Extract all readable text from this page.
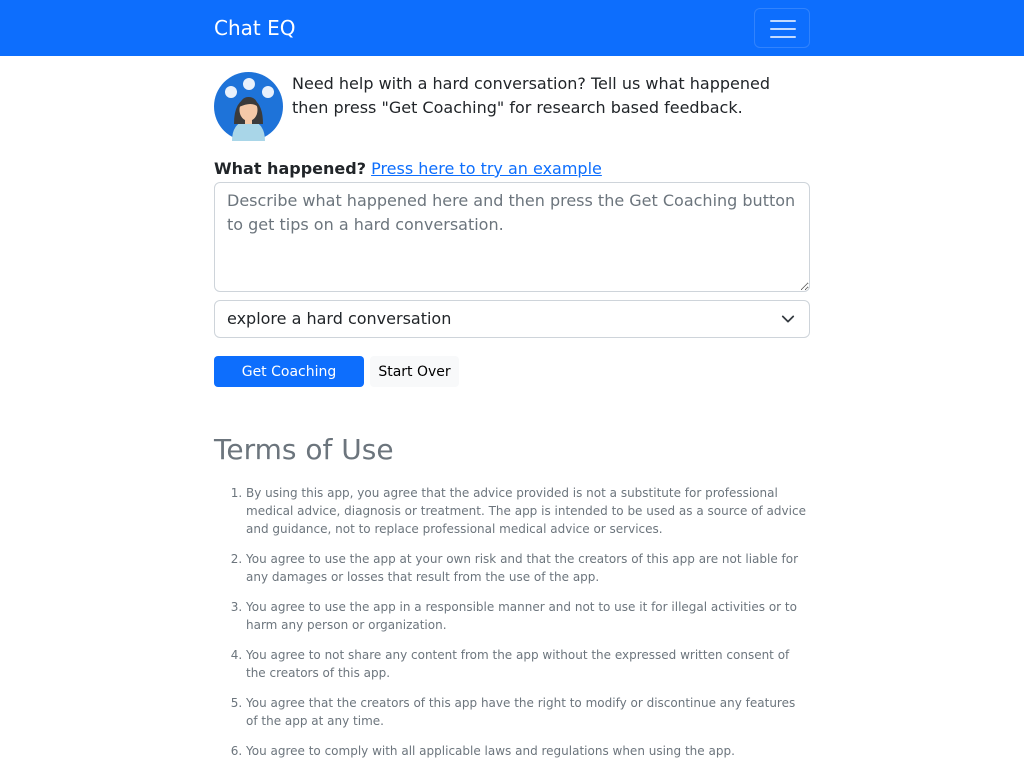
Chat EQ
Need help with a hard conversation? Tell us what happened then press "Get Coaching" for research based feedback.
What happened? Press here to try an example
Describe what happened here and then press the Get Coaching button to get tips on a hard conversation.
explore a hard conversation
Get Coaching	Start Over
Terms of Use
1. By using this app, you agree that the advice provided is not a substitute for professional medical advice, diagnosis or treatment. The app is intended to be used as a source of advice and guidance, not to replace professional medical advice or services.
2. You agree to use the app at your own risk and that the creators of this app are not liable for any damages or losses that result from the use of the app.
3. You agree to use the app in a responsible manner and not to use it for illegal activities or to harm any person or organization.
4. You agree to not share any content from the app without the expressed written consent of the creators of this app.
5. You agree that the creators of this app have the right to modify or discontinue any features of the app at any time.
6. You agree to comply with all applicable laws and regulations when using the app.
